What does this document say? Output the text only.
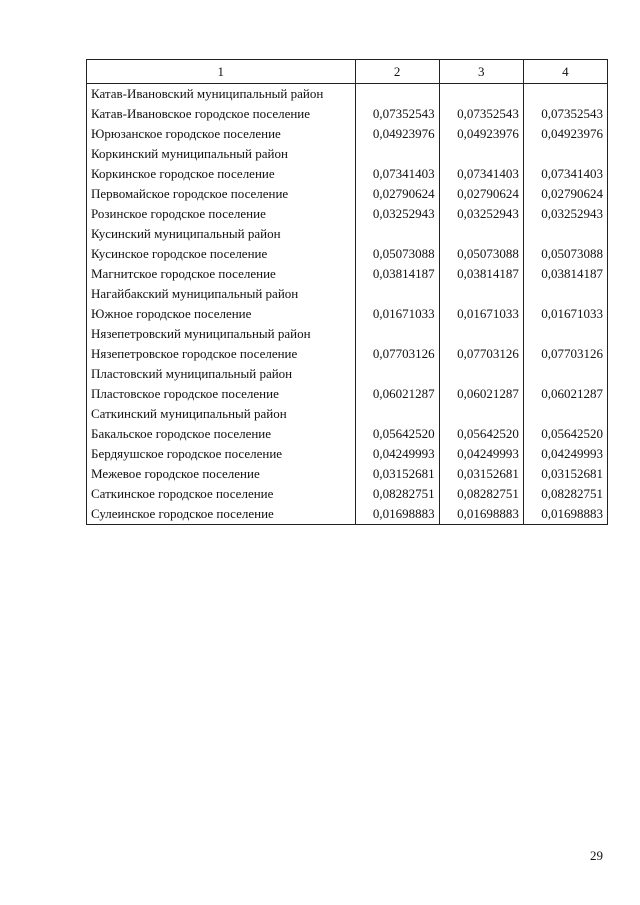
1	2	3	4
Катав-Ивановский муниципальный район			
Катав-Ивановское городское поселение	0,07352543	0,07352543	0,07352543
Юрюзанское городское поселение	0,04923976	0,04923976	0,04923976
Коркинский муниципальный район			
Коркинское городское поселение	0,07341403	0,07341403	0,07341403
Первомайское городское поселение	0,02790624	0,02790624	0,02790624
Розинское городское поселение	0,03252943	0,03252943	0,03252943
Кусинский муниципальный район			
Кусинское городское поселение	0,05073088	0,05073088	0,05073088
Магнитское городское поселение	0,03814187	0,03814187	0,03814187
Нагайбакский муниципальный район			
Южное городское поселение	0,01671033	0,01671033	0,01671033
Нязепетровский муниципальный район			
Нязепетровское городское поселение	0,07703126	0,07703126	0,07703126
Пластовский муниципальный район			
Пластовское городское поселение	0,06021287	0,06021287	0,06021287
Саткинский муниципальный район			
Бакальское городское поселение	0,05642520	0,05642520	0,05642520
Бердяушское городское поселение	0,04249993	0,04249993	0,04249993
Межевое городское поселение	0,03152681	0,03152681	0,03152681
Саткинское городское поселение	0,08282751	0,08282751	0,08282751
Сулеинское городское поселение	0,01698883	0,01698883	0,01698883
29
